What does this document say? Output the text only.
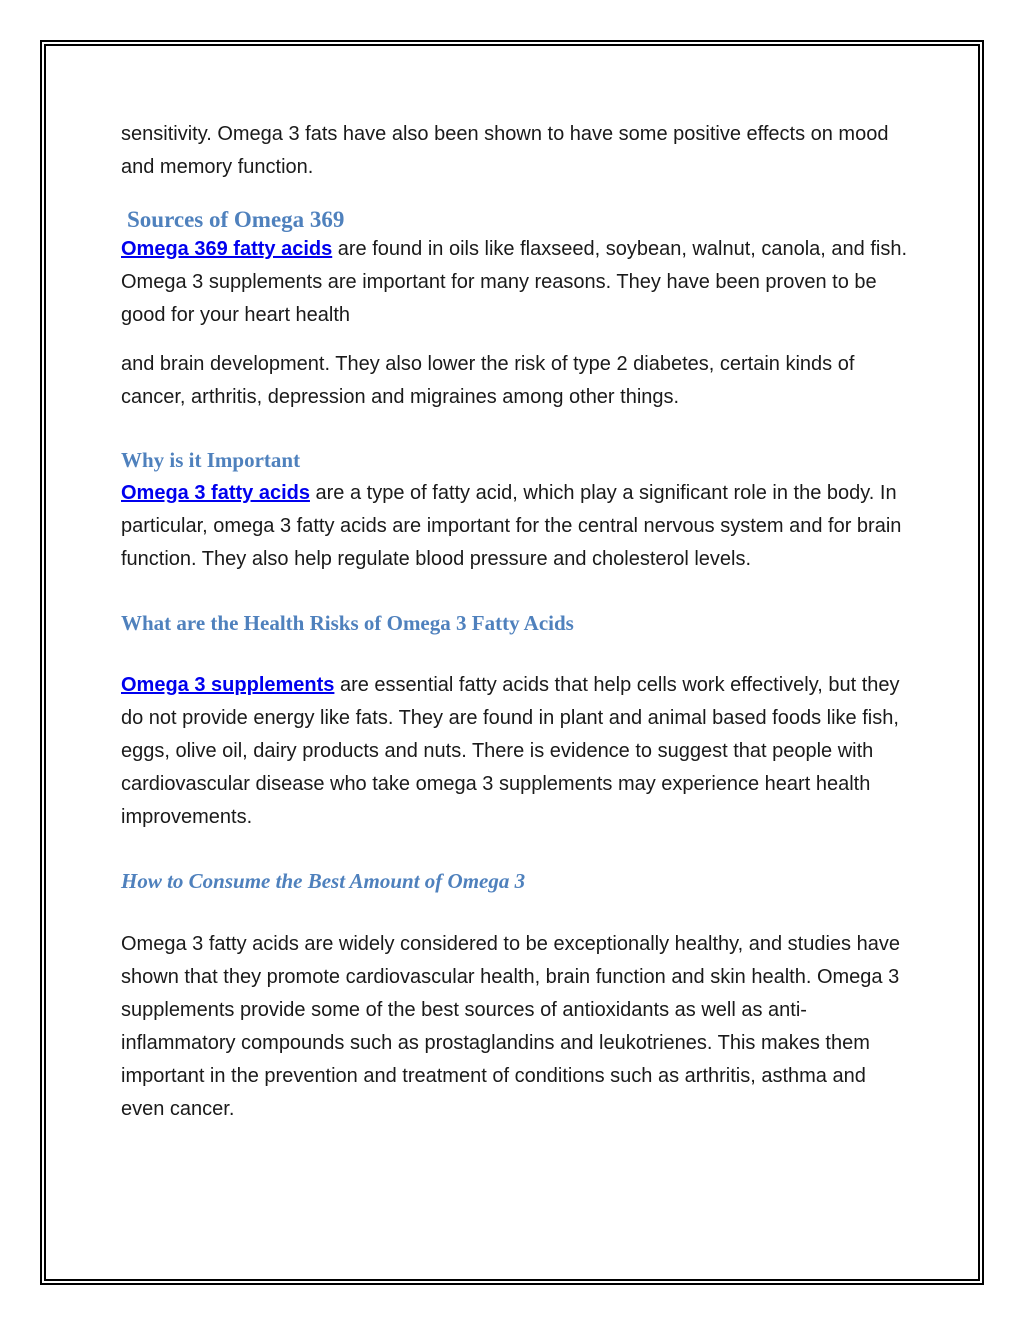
sensitivity. Omega 3 fats have also been shown to have some positive effects on mood and memory function.

Sources of Omega 369

Omega 369 fatty acids are found in oils like flaxseed, soybean, walnut, canola, and fish. Omega 3 supplements are important for many reasons. They have been proven to be good for your heart health

and brain development. They also lower the risk of type 2 diabetes, certain kinds of cancer, arthritis, depression and migraines among other things.

Why is it Important

Omega 3 fatty acids are a type of fatty acid, which play a significant role in the body. In particular, omega 3 fatty acids are important for the central nervous system and for brain function. They also help regulate blood pressure and cholesterol levels.

What are the Health Risks of Omega 3 Fatty Acids

Omega 3 supplements are essential fatty acids that help cells work effectively, but they do not provide energy like fats. They are found in plant and animal based foods like fish, eggs, olive oil, dairy products and nuts. There is evidence to suggest that people with cardiovascular disease who take omega 3 supplements may experience heart health improvements.

How to Consume the Best Amount of Omega 3

Omega 3 fatty acids are widely considered to be exceptionally healthy, and studies have shown that they promote cardiovascular health, brain function and skin health. Omega 3 supplements provide some of the best sources of antioxidants as well as anti-inflammatory compounds such as prostaglandins and leukotrienes. This makes them important in the prevention and treatment of conditions such as arthritis, asthma and even cancer.
